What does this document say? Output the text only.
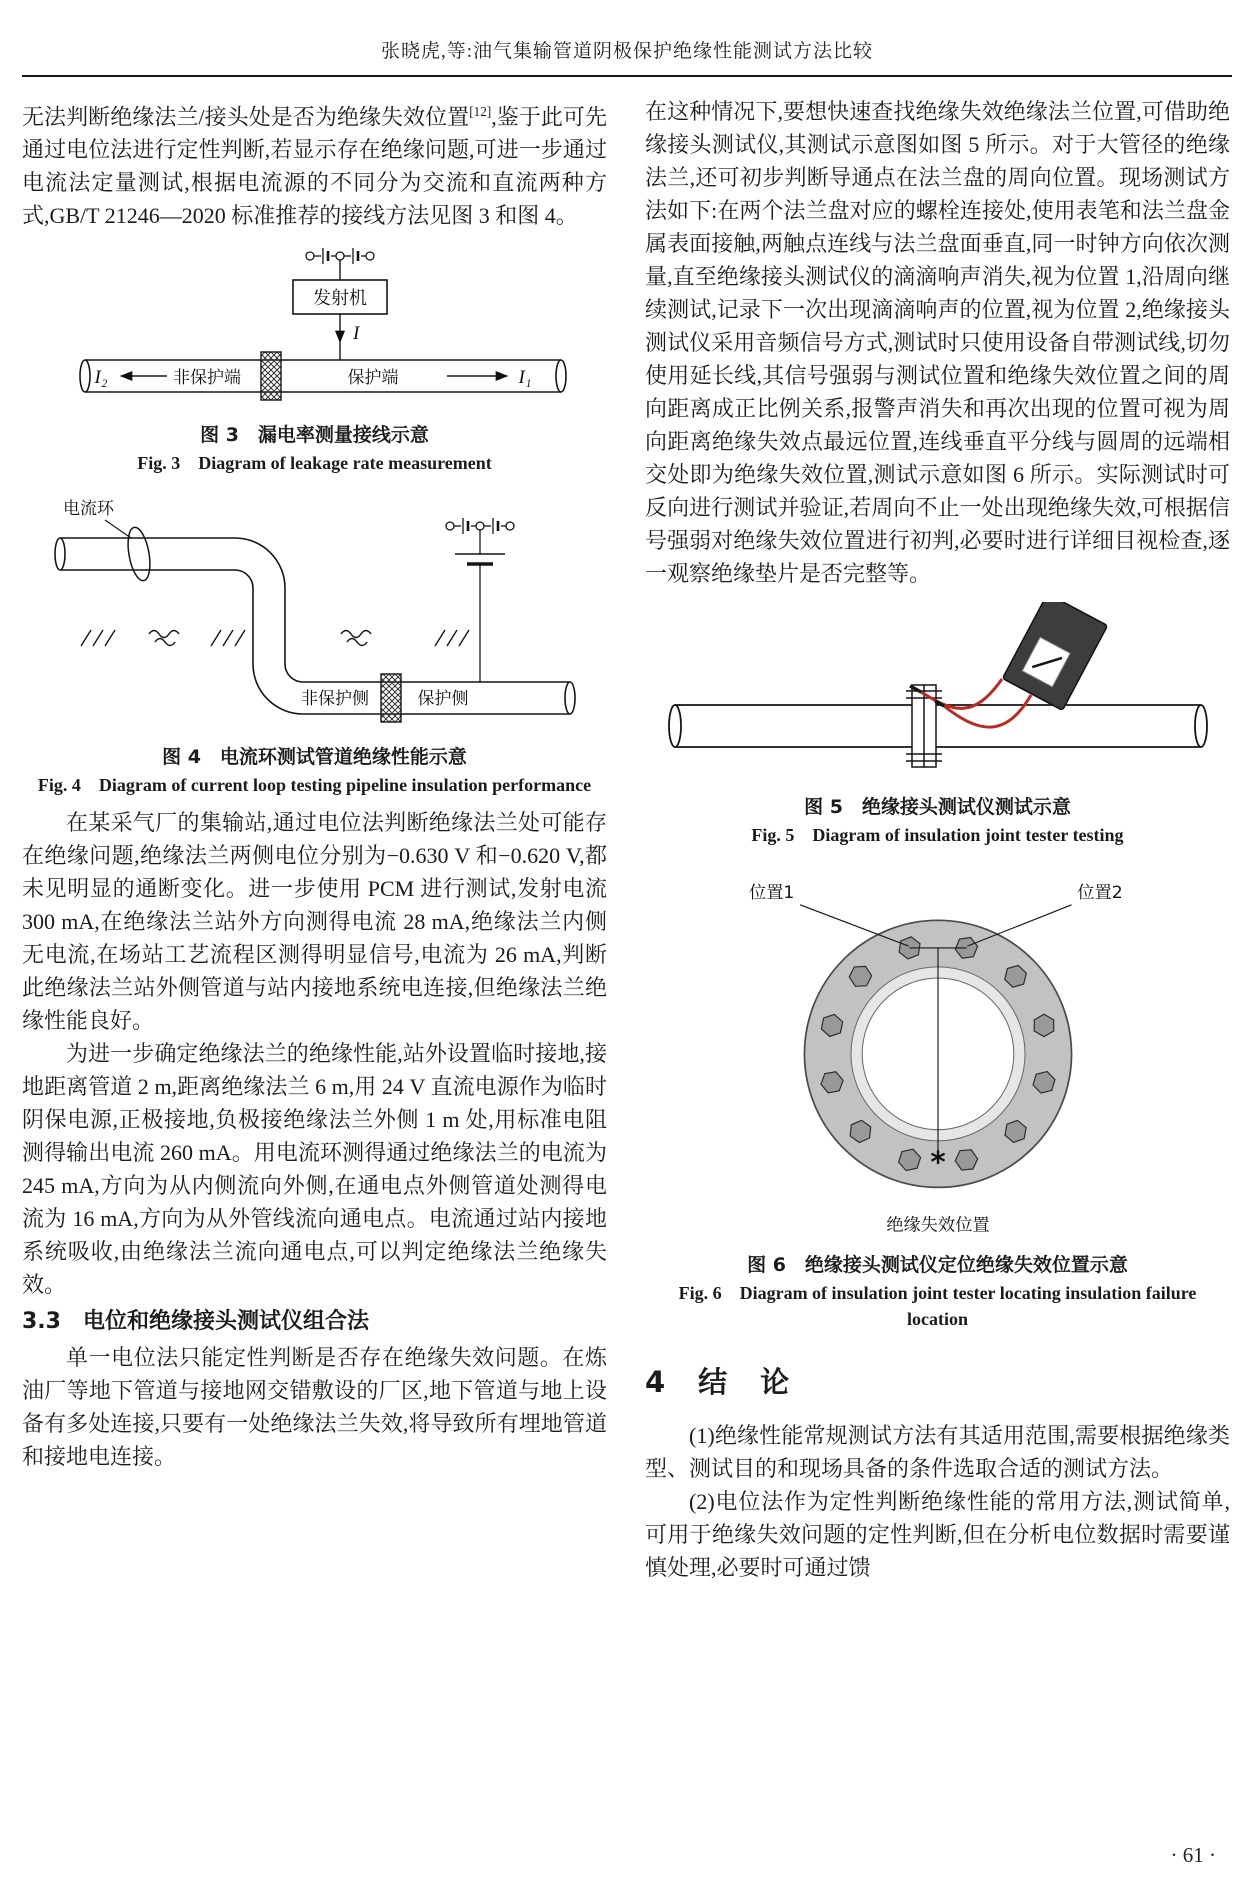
张晓虎,等:油气集输管道阴极保护绝缘性能测试方法比较

无法判断绝缘法兰/接头处是否为绝缘失效位置[12],鉴于此可先通过电位法进行定性判断,若显示存在绝缘问题,可进一步通过电流法定量测试,根据电流源的不同分为交流和直流两种方式,GB/T 21246—2020 标准推荐的接线方法见图 3 和图 4。

发射机
I
非保护端	保护端
I₂	I₁
图 3　漏电率测量接线示意
Fig. 3　Diagram of leakage rate measurement
电流环
非保护侧	保护侧
图 4　电流环测试管道绝缘性能示意
Fig. 4　Diagram of current loop testing pipeline insulation performance

在某采气厂的集输站,通过电位法判断绝缘法兰处可能存在绝缘问题,绝缘法兰两侧电位分别为−0.630 V 和−0.620 V,都未见明显的通断变化。进一步使用 PCM 进行测试,发射电流 300 mA,在绝缘法兰站外方向测得电流 28 mA,绝缘法兰内侧无电流,在场站工艺流程区测得明显信号,电流为 26 mA,判断此绝缘法兰站外侧管道与站内接地系统电连接,但绝缘法兰绝缘性能良好。

为进一步确定绝缘法兰的绝缘性能,站外设置临时接地,接地距离管道 2 m,距离绝缘法兰 6 m,用 24 V 直流电源作为临时阴保电源,正极接地,负极接绝缘法兰外侧 1 m 处,用标准电阻测得输出电流 260 mA。用电流环测得通过绝缘法兰的电流为 245 mA,方向为从内侧流向外侧,在通电点外侧管道处测得电流为 16 mA,方向为从外管线流向通电点。电流通过站内接地系统吸收,由绝缘法兰流向通电点,可以判定绝缘法兰绝缘失效。

3.3　电位和绝缘接头测试仪组合法

单一电位法只能定性判断是否存在绝缘失效问题。在炼油厂等地下管道与接地网交错敷设的厂区,地下管道与地上设备有多处连接,只要有一处绝缘法兰失效,将导致所有埋地管道和接地电连接。

在这种情况下,要想快速查找绝缘失效绝缘法兰位置,可借助绝缘接头测试仪,其测试示意图如图 5 所示。对于大管径的绝缘法兰,还可初步判断导通点在法兰盘的周向位置。现场测试方法如下:在两个法兰盘对应的螺栓连接处,使用表笔和法兰盘金属表面接触,两触点连线与法兰盘面垂直,同一时钟方向依次测量,直至绝缘接头测试仪的滴滴响声消失,视为位置 1,沿周向继续测试,记录下一次出现滴滴响声的位置,视为位置 2,绝缘接头测试仪采用音频信号方式,测试时只使用设备自带测试线,切勿使用延长线,其信号强弱与测试位置和绝缘失效位置之间的周向距离成正比例关系,报警声消失和再次出现的位置可视为周向距离绝缘失效点最远位置,连线垂直平分线与圆周的远端相交处即为绝缘失效位置,测试示意如图 6 所示。实际测试时可反向进行测试并验证,若周向不止一处出现绝缘失效,可根据信号强弱对绝缘失效位置进行初判,必要时进行详细目视检查,逐一观察绝缘垫片是否完整等。

图 5　绝缘接头测试仪测试示意
Fig. 5　Diagram of insulation joint tester testing
位置1	位置2
*
绝缘失效位置
图 6　绝缘接头测试仪定位绝缘失效位置示意
Fig. 6　Diagram of insulation joint tester locating insulation failure location
4　结　论

(1)绝缘性能常规测试方法有其适用范围,需要根据绝缘类型、测试目的和现场具备的条件选取合适的测试方法。

(2)电位法作为定性判断绝缘性能的常用方法,测试简单,可用于绝缘失效问题的定性判断,但在分析电位数据时需要谨慎处理,必要时可通过馈

· 61 ·
